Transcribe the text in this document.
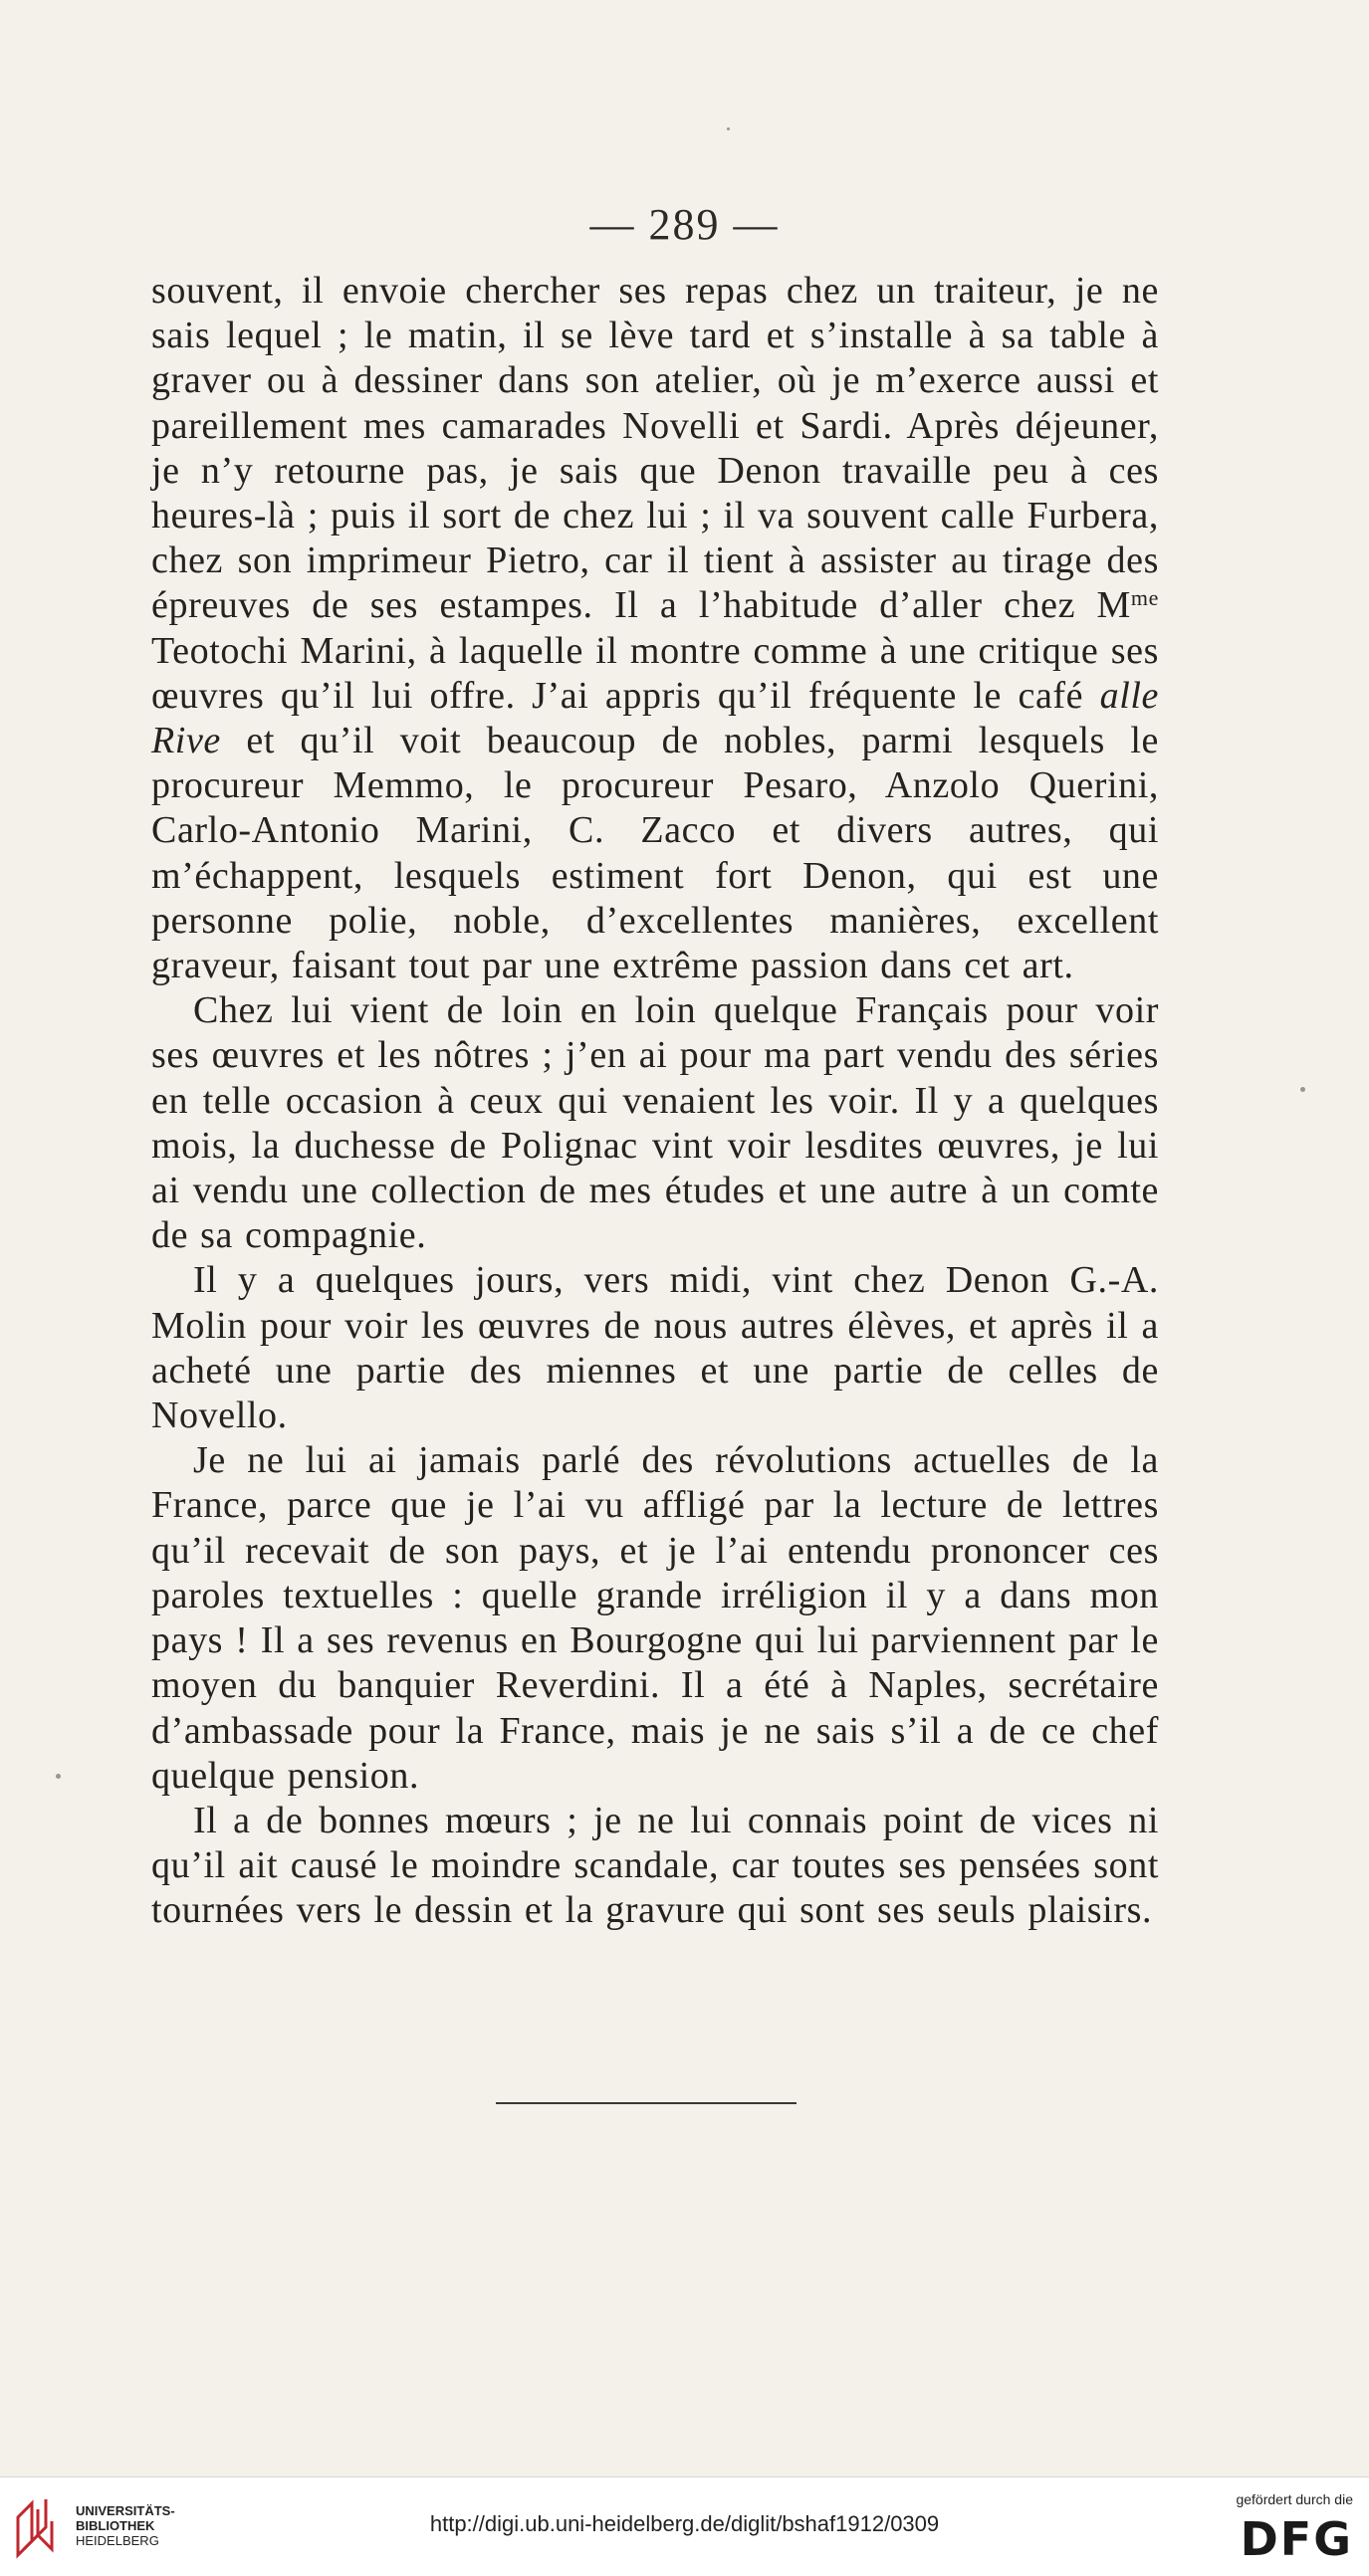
— 289 —

souvent, il envoie chercher ses repas chez un traiteur, je ne sais lequel ; le matin, il se lève tard et s’installe à sa table à graver ou à dessiner dans son atelier, où je m’exerce aussi et pareillement mes camarades Novelli et Sardi. Après déjeuner, je n’y retourne pas, je sais que Denon travaille peu à ces heures-là ; puis il sort de chez lui ; il va souvent calle Furbera, chez son imprimeur Pietro, car il tient à assister au tirage des épreuves de ses estampes. Il a l’habitude d’aller chez $M^{me}$ Teotochi Marini, à laquelle il montre comme à une critique ses œuvres qu’il lui offre. J’ai appris qu’il fréquente le café alle Rive et qu’il voit beaucoup de nobles, parmi lesquels le procureur Memmo, le procureur Pesaro, Anzolo Querini, Carlo-Antonio Marini, C. Zacco et divers autres, qui m’échappent, lesquels estiment fort Denon, qui est une personne polie, noble, d’excellentes manières, excellent graveur, faisant tout par une extrême passion dans cet art.

Chez lui vient de loin en loin quelque Français pour voir ses œuvres et les nôtres ; j’en ai pour ma part vendu des séries en telle occasion à ceux qui venaient les voir. Il y a quelques mois, la duchesse de Polignac vint voir lesdites œuvres, je lui ai vendu une collection de mes études et une autre à un comte de sa compagnie.

Il y a quelques jours, vers midi, vint chez Denon G.-A. Molin pour voir les œuvres de nous autres élèves, et après il a acheté une partie des miennes et une partie de celles de Novello.

Je ne lui ai jamais parlé des révolutions actuelles de la France, parce que je l’ai vu affligé par la lecture de lettres qu’il recevait de son pays, et je l’ai entendu prononcer ces paroles textuelles : quelle grande irréligion il y a dans mon pays ! Il a ses revenus en Bourgogne qui lui parviennent par le moyen du banquier Reverdini. Il a été à Naples, secrétaire d’ambassade pour la France, mais je ne sais s’il a de ce chef quelque pension.

Il a de bonnes mœurs ; je ne lui connais point de vices ni qu’il ait causé le moindre scandale, car toutes ses pensées sont tournées vers le dessin et la gravure qui sont ses seuls plaisirs.

UNIVERSITÄTS-
BIBLIOTHEK
HEIDELBERG
http://digi.ub.uni-heidelberg.de/diglit/bshaf1912/0309
gefördert durch die
DFG
